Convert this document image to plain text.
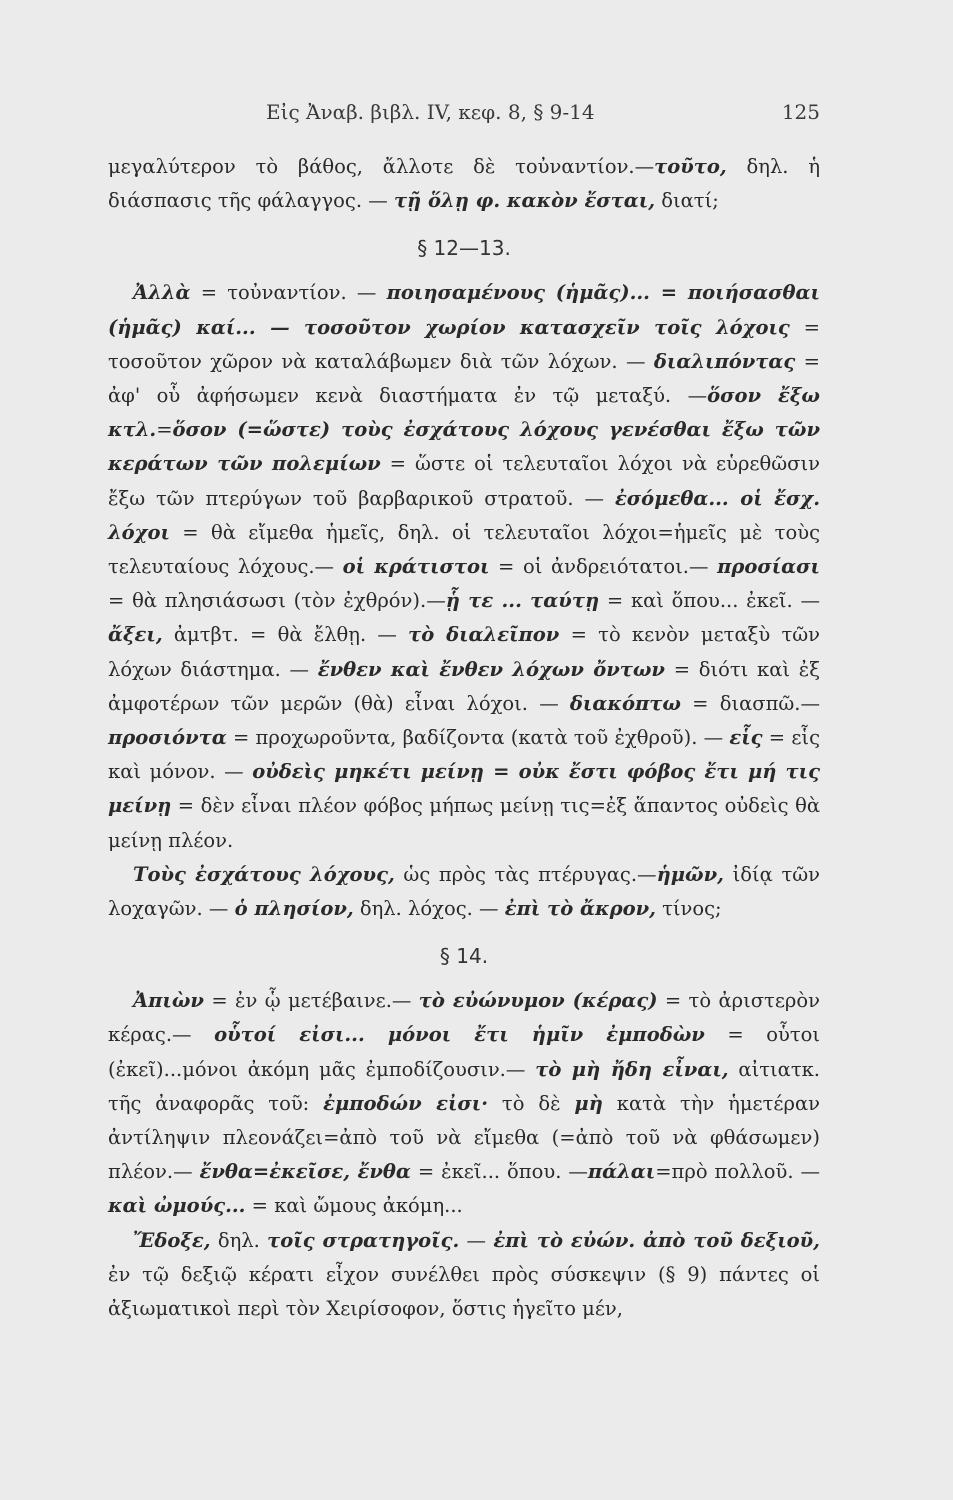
Εἰς Ἀναβ. βιβλ. IV, κεφ. 8, § 9-14	125

μεγαλύτερον τὸ βάθος, ἄλλοτε δὲ τοὐναντίον.—τοῦτο, δηλ. ἡ διάσπασις τῆς φάλαγγος. — τῇ ὅλῃ φ. κακὸν ἔσται, διατί;

§ 12—13.

Ἀλλὰ = τοὐναντίον. — ποιησαμένους (ἡμᾶς)... = ποιήσασθαι (ἡμᾶς) καί... — τοσοῦτον χωρίον κατασχεῖν τοῖς λόχοις = τοσοῦτον χῶρον νὰ καταλάβωμεν διὰ τῶν λόχων. — διαλιπόντας = ἀφ' οὗ ἀφήσωμεν κενὰ διαστήματα ἐν τῷ μεταξύ. —ὅσον ἔξω κτλ.=ὅσον (=ὥστε) τοὺς ἐσχάτους λόχους γενέσθαι ἔξω τῶν κεράτων τῶν πολεμίων = ὥστε οἱ τελευταῖοι λόχοι νὰ εὑρεθῶσιν ἔξω τῶν πτερύγων τοῦ βαρβαρικοῦ στρατοῦ. — ἐσόμεθα... οἱ ἔσχ. λόχοι = θὰ εἴμεθα ἡμεῖς, δηλ. οἱ τελευταῖοι λόχοι=ἡμεῖς μὲ τοὺς τελευταίους λόχους.— οἱ κράτιστοι = οἱ ἀνδρειότατοι.— προσίασι = θὰ πλησιάσωσι (τὸν ἐχθρόν).—ᾗ τε ... ταύτῃ = καὶ ὅπου... ἐκεῖ. — ἄξει, ἀμτβτ. = θὰ ἔλθῃ. — τὸ διαλεῖπον = τὸ κενὸν μεταξὺ τῶν λόχων διάστημα. — ἔνθεν καὶ ἔνθεν λόχων ὄντων = διότι καὶ ἐξ ἀμφοτέρων τῶν μερῶν (θὰ) εἶναι λόχοι. — διακόπτω = διασπῶ.— προσιόντα = προχωροῦντα, βαδίζοντα (κατὰ τοῦ ἐχθροῦ). — εἷς = εἷς καὶ μόνον. — οὐδεὶς μηκέτι μείνῃ = οὐκ ἔστι φόβος ἔτι μή τις μείνῃ = δὲν εἶναι πλέον φόβος μήπως μείνῃ τις=ἐξ ἅπαντος οὐδεὶς θὰ μείνῃ πλέον.

Τοὺς ἐσχάτους λόχους, ὡς πρὸς τὰς πτέρυγας.—ἡμῶν, ἰδίᾳ τῶν λοχαγῶν. — ὁ πλησίον, δηλ. λόχος. — ἐπὶ τὸ ἄκρον, τίνος;

§ 14.

Ἀπιὼν = ἐν ᾧ μετέβαινε.— τὸ εὐώνυμον (κέρας) = τὸ ἀριστερὸν κέρας.— οὗτοί εἰσι... μόνοι ἔτι ἡμῖν ἐμποδὼν = οὗτοι (ἐκεῖ)...μόνοι ἀκόμη μᾶς ἐμποδίζουσιν.— τὸ μὴ ἤδη εἶναι, αἰτιατκ. τῆς ἀναφορᾶς τοῦ: ἐμποδών εἰσι· τὸ δὲ μὴ κατὰ τὴν ἡμετέραν ἀντίληψιν πλεονάζει=ἀπὸ τοῦ νὰ εἴμεθα (=ἀπὸ τοῦ νὰ φθάσωμεν) πλέον.— ἔνθα=ἐκεῖσε, ἔνθα = ἐκεῖ... ὅπου. —πάλαι=πρὸ πολλοῦ. — καὶ ὠμούς... = καὶ ὤμους ἀκόμη...

Ἔδοξε, δηλ. τοῖς στρατηγοῖς. — ἐπὶ τὸ εὐών. ἀπὸ τοῦ δεξιοῦ, ἐν τῷ δεξιῷ κέρατι εἶχον συνέλθει πρὸς σύσκεψιν (§ 9) πάντες οἱ ἀξιωματικοὶ περὶ τὸν Χειρίσοφον, ὅστις ἡγεῖτο μέν,
